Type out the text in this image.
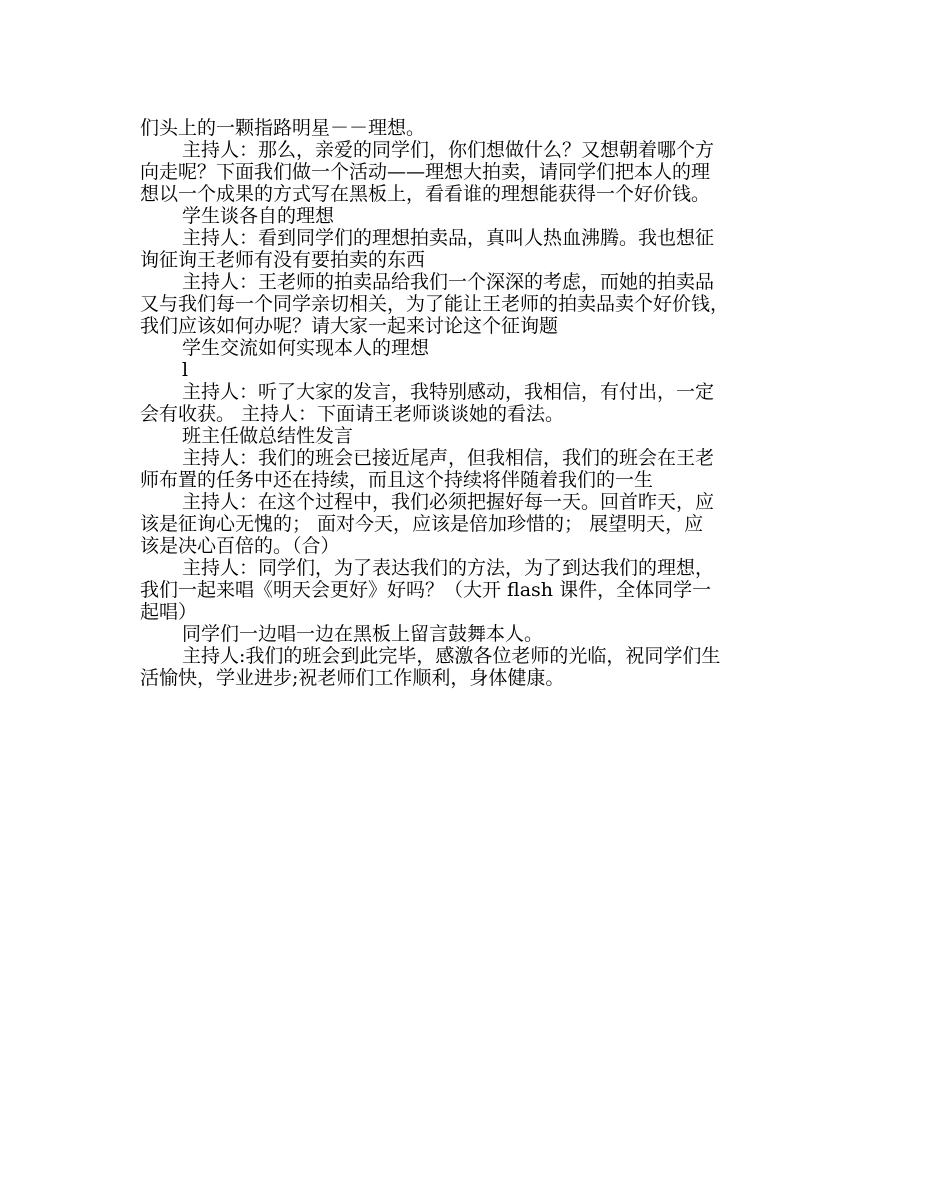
们头上的一颗指路明星－－理想。
主持人：那么，亲爱的同学们，你们想做什么？又想朝着哪个方
向走呢？下面我们做一个活动——理想大拍卖，请同学们把本人的理
想以一个成果的方式写在黑板上，看看谁的理想能获得一个好价钱。
学生谈各自的理想
主持人：看到同学们的理想拍卖品，真叫人热血沸腾。我也想征
询征询王老师有没有要拍卖的东西
主持人：王老师的拍卖品给我们一个深深的考虑，而她的拍卖品
又与我们每一个同学亲切相关，为了能让王老师的拍卖品卖个好价钱，
我们应该如何办呢？请大家一起来讨论这个征询题
学生交流如何实现本人的理想
l
主持人：听了大家的发言，我特别感动，我相信，有付出，一定
会有收获。 主持人：下面请王老师谈谈她的看法。
班主任做总结性发言
主持人：我们的班会已接近尾声，但我相信，我们的班会在王老
师布置的任务中还在持续，而且这个持续将伴随着我们的一生
主持人：在这个过程中，我们必须把握好每一天。回首昨天，应
该是征询心无愧的； 面对今天，应该是倍加珍惜的； 展望明天，应
该是决心百倍的。（合）
主持人：同学们，为了表达我们的方法，为了到达我们的理想，
我们一起来唱《明天会更好》好吗？（大开 flash 课件，全体同学一
起唱）
同学们一边唱一边在黑板上留言鼓舞本人。
主持人:我们的班会到此完毕，感激各位老师的光临，祝同学们生
活愉快，学业进步;祝老师们工作顺利，身体健康。
